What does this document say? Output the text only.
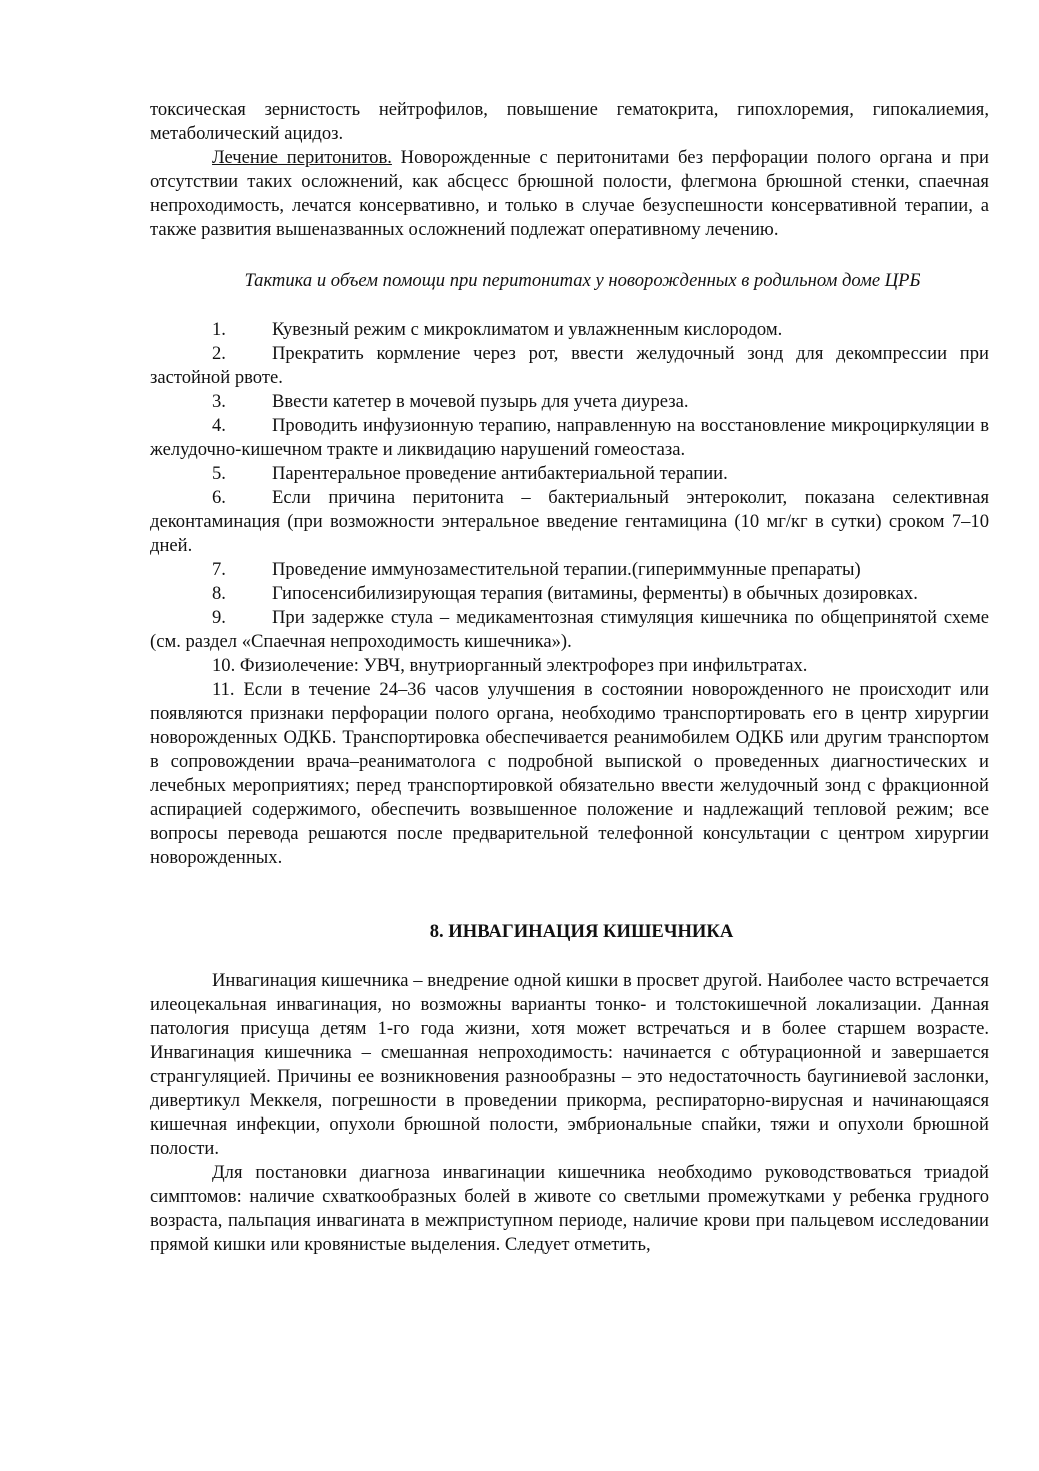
токсическая зернистость нейтрофилов, повышение гематокрита, гипохлоремия, гипокалиемия, метаболический ацидоз.

Лечение перитонитов. Новорожденные с перитонитами без перфорации полого органа и при отсутствии таких осложнений, как абсцесс брюшной полости, флегмона брюшной стенки, спаечная непроходимость, лечатся консервативно, и только в случае безуспешности консервативной терапии, а также развития вышеназванных осложнений подлежат оперативному лечению.

Тактика и объем помощи при перитонитах у новорожденных в родильном доме ЦРБ

1. Кувезный режим с микроклиматом и увлажненным кислородом.

2. Прекратить кормление через рот, ввести желудочный зонд для декомпрессии при застойной рвоте.

3. Ввести катетер в мочевой пузырь для учета диуреза.

4. Проводить инфузионную терапию, направленную на восстановление микроциркуляции в желудочно-кишечном тракте и ликвидацию нарушений гомеостаза.

5. Парентеральное проведение антибактериальной терапии.

6. Если причина перитонита – бактериальный энтероколит, показана селективная деконтаминация (при возможности энтеральное введение гентамицина (10 мг/кг в сутки) сроком 7–10 дней.

7. Проведение иммунозаместительной терапии.(гипериммунные препараты)

8. Гипосенсибилизирующая терапия (витамины, ферменты) в обычных дозировках.

9. При задержке стула – медикаментозная стимуляция кишечника по общепринятой схеме (см. раздел «Спаечная непроходимость кишечника»).

10. Физиолечение: УВЧ, внутриорганный электрофорез при инфильтратах.

11. Если в течение 24–36 часов улучшения в состоянии новорожденного не происходит или появляются признаки перфорации полого органа, необходимо транспортировать его в центр хирургии новорожденных ОДКБ. Транспортировка обеспечивается реанимобилем ОДКБ или другим транспортом в сопровождении врача–реаниматолога с подробной выпиской о проведенных диагностических и лечебных мероприятиях; перед транспортировкой обязательно ввести желудочный зонд с фракционной аспирацией содержимого, обеспечить возвышенное положение и надлежащий тепловой режим; все вопросы перевода решаются после предварительной телефонной консультации с центром хирургии новорожденных.

8. ИНВАГИНАЦИЯ КИШЕЧНИКА

Инвагинация кишечника – внедрение одной кишки в просвет другой. Наиболее часто встречается илеоцекальная инвагинация, но возможны варианты тонко- и толстокишечной локализации. Данная патология присуща детям 1-го года жизни, хотя может встречаться и в более старшем возрасте. Инвагинация кишечника – смешанная непроходимость: начинается с обтурационной и завершается странгуляцией. Причины ее возникновения разнообразны – это недостаточность баугиниевой заслонки, дивертикул Меккеля, погрешности в проведении прикорма, респираторно-вирусная и начинающаяся кишечная инфекции, опухоли брюшной полости, эмбриональные спайки, тяжи и опухоли брюшной полости.

Для постановки диагноза инвагинации кишечника необходимо руководствоваться триадой симптомов: наличие схваткообразных болей в животе со светлыми промежутками у ребенка грудного возраста, пальпация инвагината в межприступном периоде, наличие крови при пальцевом исследовании прямой кишки или кровянистые выделения. Следует отметить,
